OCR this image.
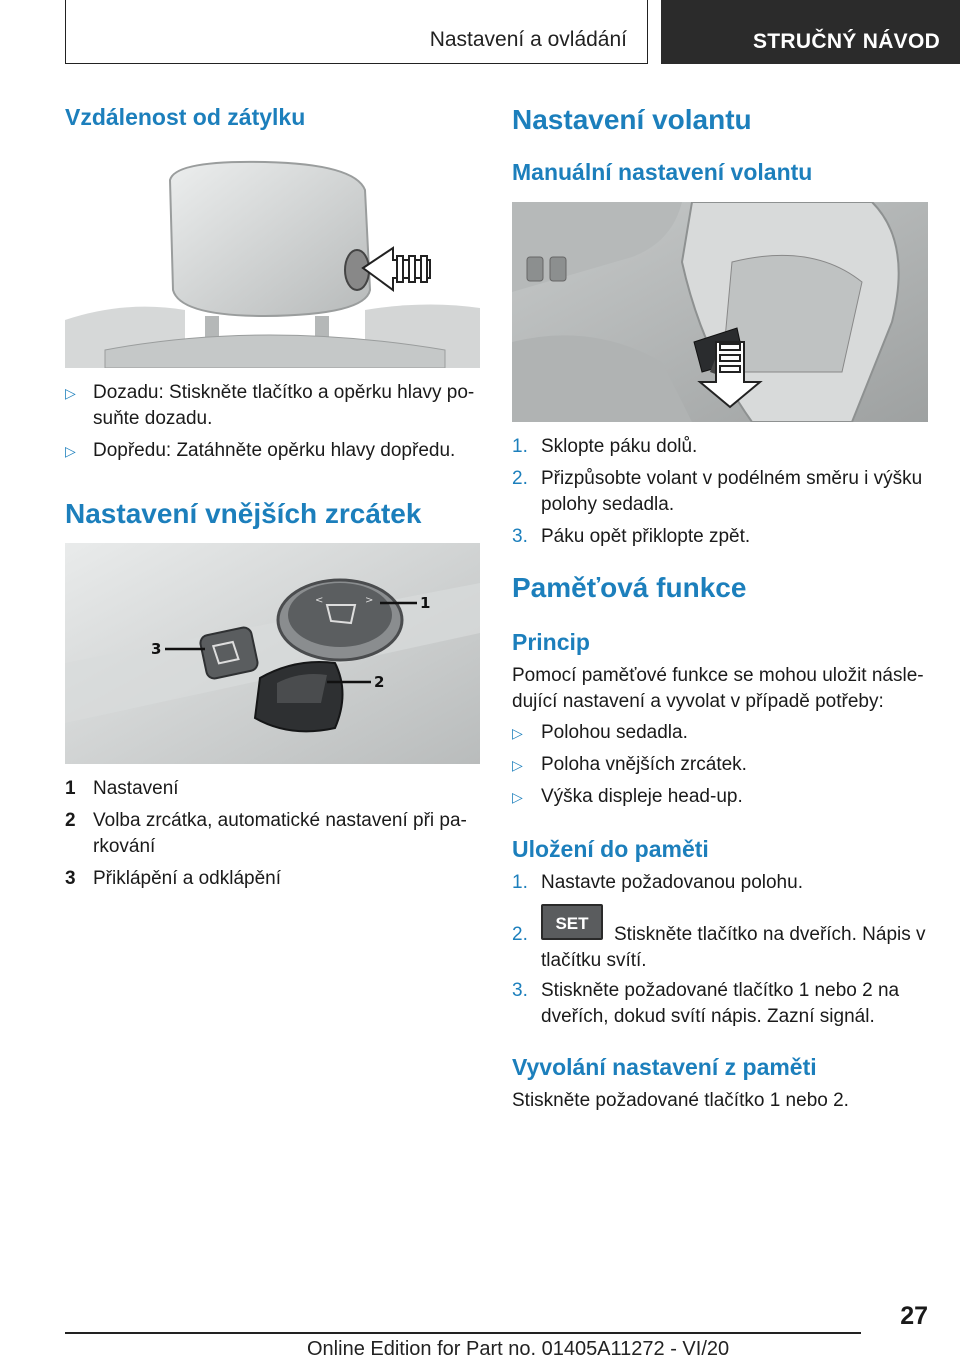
Nastavení a ovládání	STRUČNÝ NÁVOD
Vzdálenost od zátylku
▷ Dozadu: Stiskněte tlačítko a opěrku hlavy po‐
suňte dozadu.
▷ Dopředu: Zatáhněte opěrku hlavy dopředu.
Nastavení vnějších zrcátek
<	>	1
2
3
1 Nastavení
2 Volba zrcátka, automatické nastavení při pa‐
rkování
3 Přiklápění a odklápění
Nastavení volantu
Manuální nastavení volantu
1. Sklopte páku dolů.
2. Přizpůsobte volant v podélném směru i výšku
polohy sedadla.
3. Páku opět přiklopte zpět.
Paměťová funkce
Princip
Pomocí paměťové funkce se mohou uložit násle‐
dující nastavení a vyvolat v případě potřeby:
▷ Polohou sedadla.
▷ Poloha vnějších zrcátek.
▷ Výška displeje head-up.
Uložení do paměti
1. Nastavte požadovanou polohu.
2.
SET
Stiskněte tlačítko na dveřích. Nápis v
tlačítku svítí.
3. Stiskněte požadované tlačítko 1 nebo 2 na
dveřích, dokud svítí nápis. Zazní signál.
Vyvolání nastavení z paměti
Stiskněte požadované tlačítko 1 nebo 2.
27
Online Edition for Part no. 01405A11272 - VI/20
